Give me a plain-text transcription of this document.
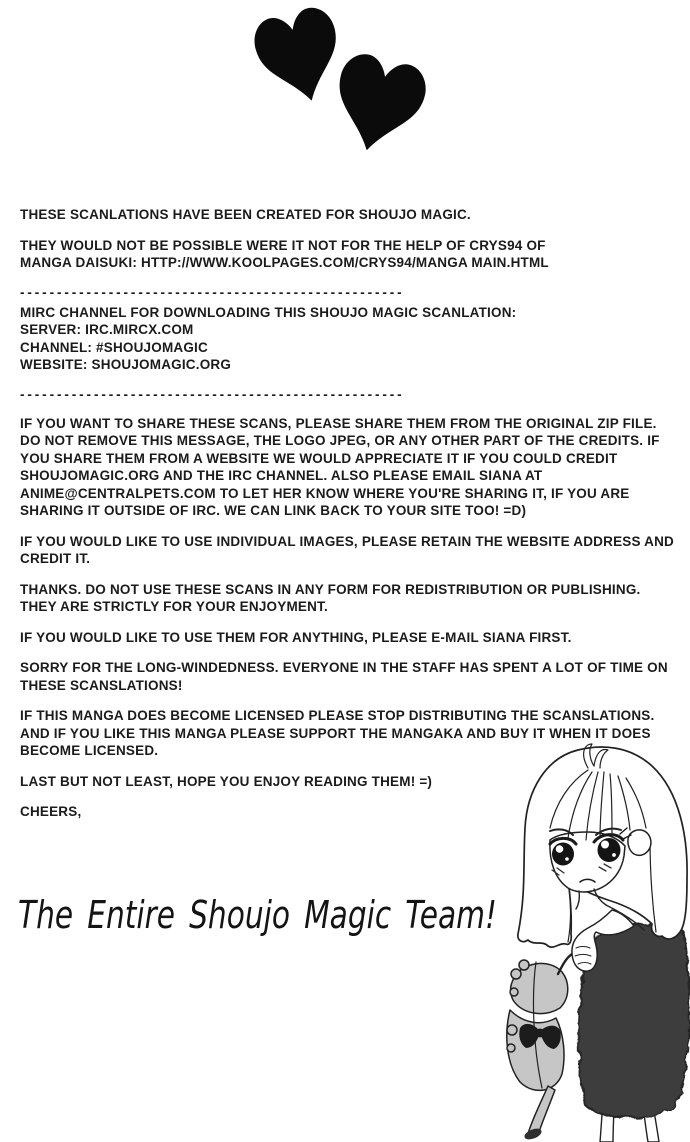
THESE SCANLATIONS HAVE BEEN CREATED FOR SHOUJO MAGIC.
THEY WOULD NOT BE POSSIBLE WERE IT NOT FOR THE HELP OF CRYS94 OF
MANGA DAISUKI: HTTP://WWW.KOOLPAGES.COM/CRYS94/MANGA MAIN.HTML
----------------------------------------------------
MIRC CHANNEL FOR DOWNLOADING THIS SHOUJO MAGIC SCANLATION:
SERVER: IRC.MIRCX.COM
CHANNEL: #SHOUJOMAGIC
WEBSITE: SHOUJOMAGIC.ORG
----------------------------------------------------
IF YOU WANT TO SHARE THESE SCANS, PLEASE SHARE THEM FROM THE ORIGINAL ZIP FILE.
DO NOT REMOVE THIS MESSAGE, THE LOGO JPEG, OR ANY OTHER PART OF THE CREDITS. IF
YOU SHARE THEM FROM A WEBSITE WE WOULD APPRECIATE IT IF YOU COULD CREDIT
SHOUJOMAGIC.ORG AND THE IRC CHANNEL. ALSO PLEASE EMAIL SIANA AT
ANIME@CENTRALPETS.COM TO LET HER KNOW WHERE YOU'RE SHARING IT, IF YOU ARE
SHARING IT OUTSIDE OF IRC. WE CAN LINK BACK TO YOUR SITE TOO! =D)
IF YOU WOULD LIKE TO USE INDIVIDUAL IMAGES, PLEASE RETAIN THE WEBSITE ADDRESS AND
CREDIT IT.
THANKS. DO NOT USE THESE SCANS IN ANY FORM FOR REDISTRIBUTION OR PUBLISHING.
THEY ARE STRICTLY FOR YOUR ENJOYMENT.
IF YOU WOULD LIKE TO USE THEM FOR ANYTHING, PLEASE E-MAIL SIANA FIRST.
SORRY FOR THE LONG-WINDEDNESS. EVERYONE IN THE STAFF HAS SPENT A LOT OF TIME ON
THESE SCANSLATIONS!
IF THIS MANGA DOES BECOME LICENSED PLEASE STOP DISTRIBUTING THE SCANSLATIONS.
AND IF YOU LIKE THIS MANGA PLEASE SUPPORT THE MANGAKA AND BUY IT WHEN IT DOES
BECOME LICENSED.
LAST BUT NOT LEAST, HOPE YOU ENJOY READING THEM! =)
CHEERS,
The Entire Shoujo Magic Team!
